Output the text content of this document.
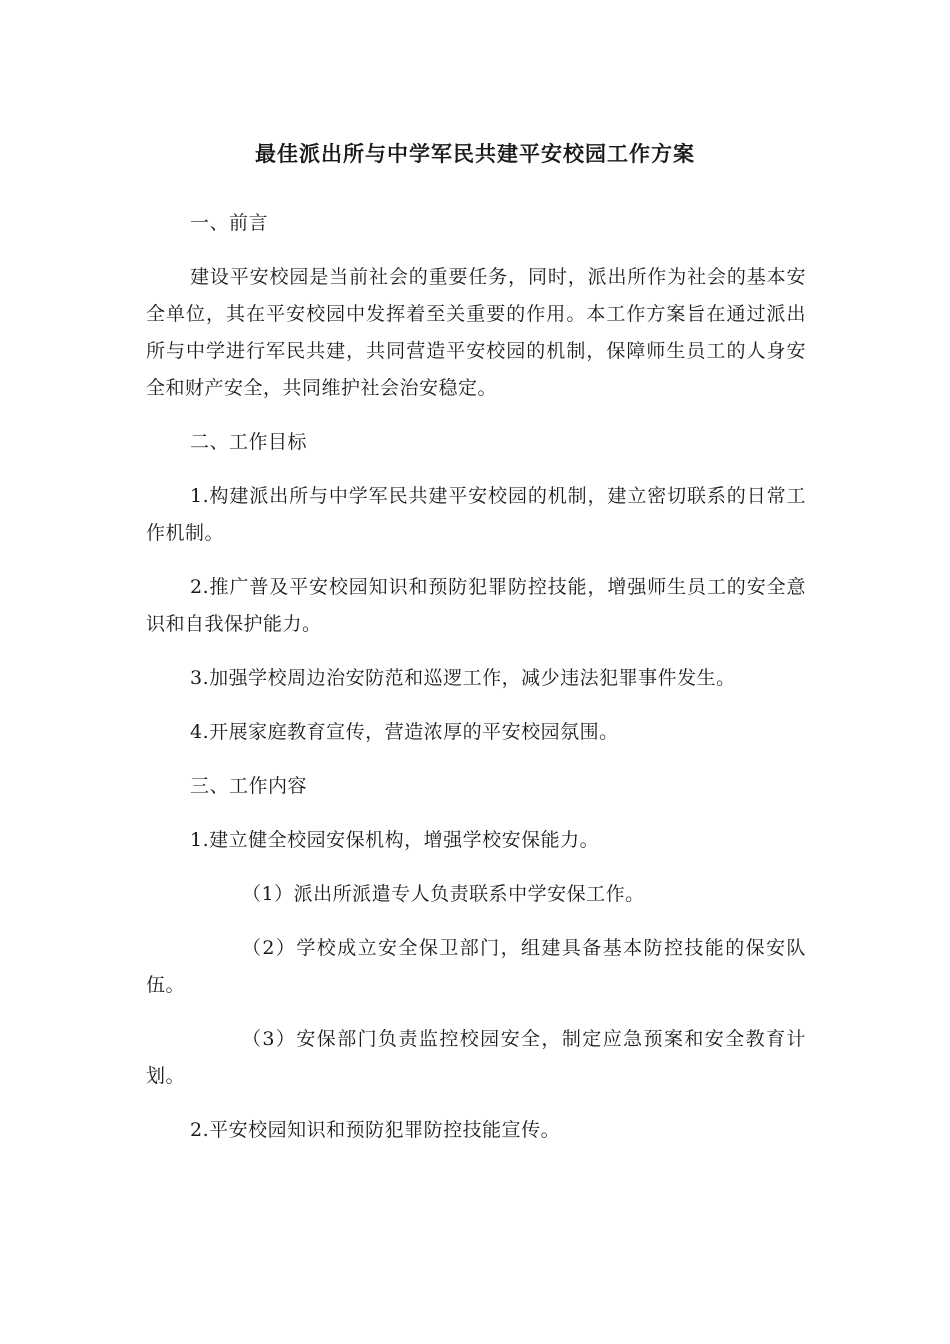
最佳派出所与中学军民共建平安校园工作方案

一、前言

建设平安校园是当前社会的重要任务，同时，派出所作为社会的基本安全单位，其在平安校园中发挥着至关重要的作用。本工作方案旨在通过派出所与中学进行军民共建，共同营造平安校园的机制，保障师生员工的人身安全和财产安全，共同维护社会治安稳定。

二、工作目标

1.构建派出所与中学军民共建平安校园的机制，建立密切联系的日常工作机制。

2.推广普及平安校园知识和预防犯罪防控技能，增强师生员工的安全意识和自我保护能力。

3.加强学校周边治安防范和巡逻工作，减少违法犯罪事件发生。

4.开展家庭教育宣传，营造浓厚的平安校园氛围。

三、工作内容

1.建立健全校园安保机构，增强学校安保能力。

（1）派出所派遣专人负责联系中学安保工作。

（2）学校成立安全保卫部门，组建具备基本防控技能的保安队伍。

（3）安保部门负责监控校园安全，制定应急预案和安全教育计划。

2.平安校园知识和预防犯罪防控技能宣传。
